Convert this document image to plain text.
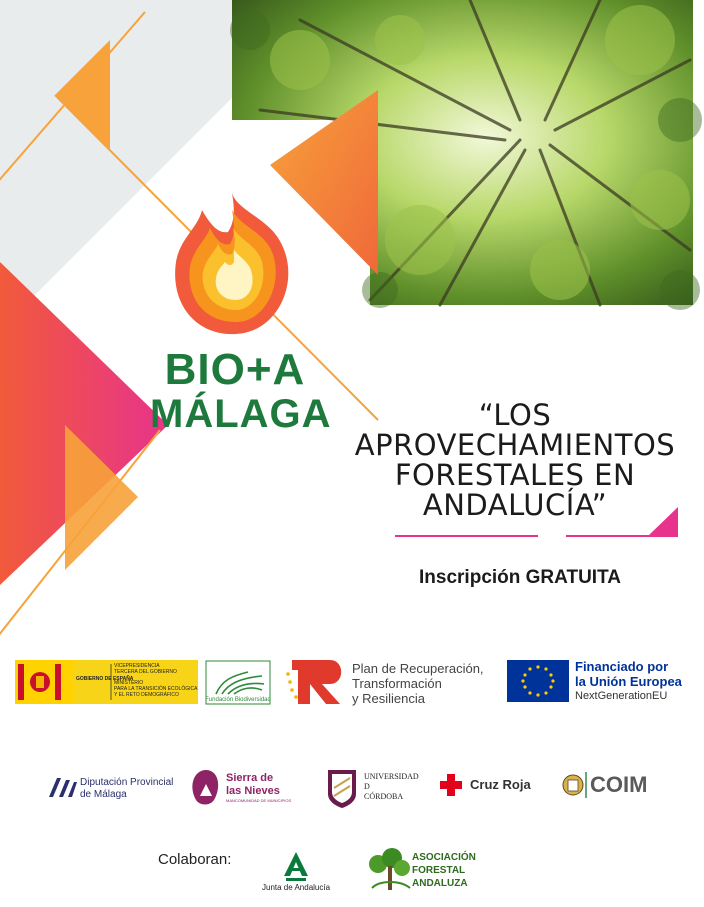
BIO+A
MÁLAGA	“LOS
APROVECHAMIENTOS
FORESTALES EN
ANDALUCÍA”
Inscripción GRATUITA
GOBIERNO DE ESPAÑA
VICEPRESIDENCIA
TERCERA DEL GOBIERNO
MINISTERIO
PARA LA TRANSICIÓN ECOLÓGICA
Y EL RETO DEMOGRÁFICO
Fundación Biodiversidad
Plan de Recuperación,
Transformación
y Resiliencia
Financiado por
la Unión Europea
NextGenerationEU
Diputación Provincial
de Málaga
Sierra de
las Nieves
MANCOMUNIDAD DE MUNICIPIOS
UNIVERSIDAD
D
CÓRDOBA
Cruz Roja	COIM
Colaboran:
Junta de Andalucía
ASOCIACIÓN
FORESTAL
ANDALUZA
